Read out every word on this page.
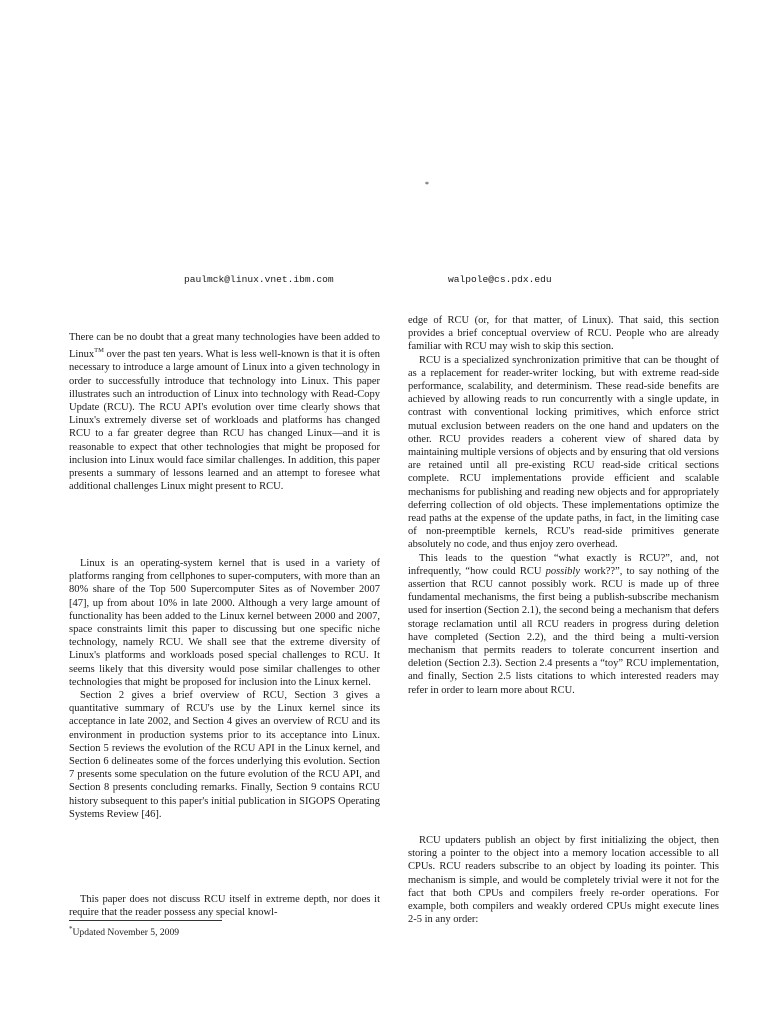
*
paulmck@linux.vnet.ibm.com	walpole@cs.pdx.edu

There can be no doubt that a great many technologies have been added to Linux™ over the past ten years. What is less well-known is that it is often necessary to introduce a large amount of Linux into a given technology in order to successfully introduce that technology into Linux. This paper illustrates such an introduction of Linux into technology with Read-Copy Update (RCU). The RCU API's evolution over time clearly shows that Linux's extremely diverse set of workloads and platforms has changed RCU to a far greater degree than RCU has changed Linux—and it is reasonable to expect that other technologies that might be proposed for inclusion into Linux would face similar challenges. In addition, this paper presents a summary of lessons learned and an attempt to foresee what additional challenges Linux might present to RCU.

Linux is an operating-system kernel that is used in a variety of platforms ranging from cellphones to super-computers, with more than an 80% share of the Top 500 Supercomputer Sites as of November 2007 [47], up from about 10% in late 2000. Although a very large amount of functionality has been added to the Linux kernel between 2000 and 2007, space constraints limit this paper to discussing but one specific niche technology, namely RCU. We shall see that the extreme diversity of Linux's platforms and workloads posed special challenges to RCU. It seems likely that this diversity would pose similar challenges to other technologies that might be proposed for inclusion into the Linux kernel.

Section 2 gives a brief overview of RCU, Section 3 gives a quantitative summary of RCU's use by the Linux kernel since its acceptance in late 2002, and Section 4 gives an overview of RCU and its environment in production systems prior to its acceptance into Linux. Section 5 reviews the evolution of the RCU API in the Linux kernel, and Section 6 delineates some of the forces underlying this evolution. Section 7 presents some speculation on the future evolution of the RCU API, and Section 8 presents concluding remarks. Finally, Section 9 contains RCU history subsequent to this paper's initial publication in SIGOPS Operating Systems Review [46].

This paper does not discuss RCU itself in extreme depth, nor does it require that the reader possess any special knowl-

*Updated November 5, 2009

edge of RCU (or, for that matter, of Linux). That said, this section provides a brief conceptual overview of RCU. People who are already familiar with RCU may wish to skip this section.

RCU is a specialized synchronization primitive that can be thought of as a replacement for reader-writer locking, but with extreme read-side performance, scalability, and determinism. These read-side benefits are achieved by allowing reads to run concurrently with a single update, in contrast with conventional locking primitives, which enforce strict mutual exclusion between readers on the one hand and updaters on the other. RCU provides readers a coherent view of shared data by maintaining multiple versions of objects and by ensuring that old versions are retained until all pre-existing RCU read-side critical sections complete. RCU implementations provide efficient and scalable mechanisms for publishing and reading new objects and for appropriately deferring collection of old objects. These implementations optimize the read paths at the expense of the update paths, in fact, in the limiting case of non-preemptible kernels, RCU's read-side primitives generate absolutely no code, and thus enjoy zero overhead.

This leads to the question “what exactly is RCU?”, and, not infrequently, “how could RCU possibly work??”, to say nothing of the assertion that RCU cannot possibly work. RCU is made up of three fundamental mechanisms, the first being a publish-subscribe mechanism used for insertion (Section 2.1), the second being a mechanism that defers storage reclamation until all RCU readers in progress during deletion have completed (Section 2.2), and the third being a multi-version mechanism that permits readers to tolerate concurrent insertion and deletion (Section 2.3). Section 2.4 presents a “toy” RCU implementation, and finally, Section 2.5 lists citations to which interested readers may refer in order to learn more about RCU.

RCU updaters publish an object by first initializing the object, then storing a pointer to the object into a memory location accessible to all CPUs. RCU readers subscribe to an object by loading its pointer. This mechanism is simple, and would be completely trivial were it not for the fact that both CPUs and compilers freely re-order operations. For example, both compilers and weakly ordered CPUs might execute lines 2-5 in any order:
